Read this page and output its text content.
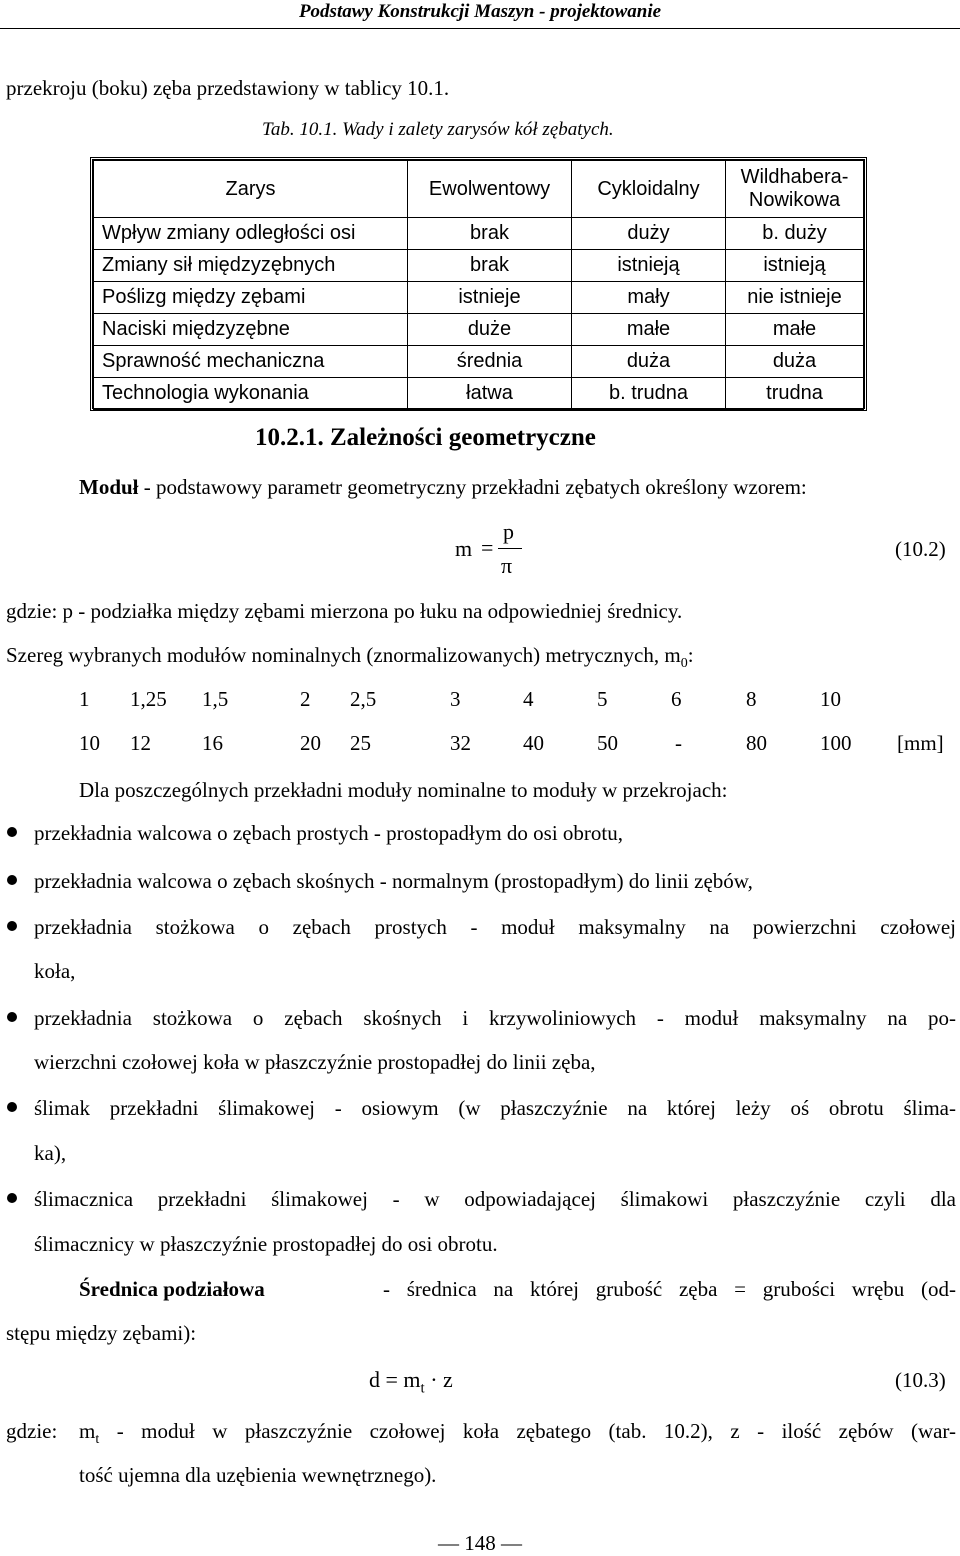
Podstawy Konstrukcji Maszyn - projektowanie
przekroju (boku) zęba przedstawiony w tablicy 10.1.
Tab. 10.1. Wady i zalety zarysów kół zębatych.
Zarys	Ewolwentowy	Cykloidalny	Wildhabera-
Nowikowa

Wpływ zmiany odległości osi	brak	duży	b. duży
Zmiany sił międzyzębnych	brak	istnieją	istnieją
Poślizg między zębami	istnieje	mały	nie istnieje
Naciski międzyzębne	duże	małe	małe
Sprawność mechaniczna	średnia	duża	duża
Technologia wykonania	łatwa	b. trudna	trudna
10.2.1. Zależności geometryczne
Moduł - podstawowy parametr geometryczny przekładni zębatych określony wzorem:
m =
p
π
(10.2)
gdzie: p - podziałka między zębami mierzona po łuku na odpowiedniej średnicy.
Szereg wybranych modułów nominalnych (znormalizowanych) metrycznych, $m_0$:
1 1,25 1,5	2 2,5	3	4	5	6	8	10
10 12 16	20 25	32 40	50	-	80	100 [mm]
Dla poszczególnych przekładni moduły nominalne to moduły w przekrojach:
przekładnia walcowa o zębach prostych - prostopadłym do osi obrotu,
przekładnia walcowa o zębach skośnych - normalnym (prostopadłym) do linii zębów,
przekładnia stożkowa o zębach prostych - moduł maksymalny na powierzchni czołowej
koła,
przekładnia stożkowa o zębach skośnych i krzywoliniowych - moduł maksymalny na po-
wierzchni czołowej koła w płaszczyźnie prostopadłej do linii zęba,
ślimak przekładni ślimakowej - osiowym (w płaszczyźnie na której leży oś obrotu ślima-
ka),
ślimacznica przekładni ślimakowej - w odpowiadającej ślimakowi płaszczyźnie czyli dla
ślimacznicy w płaszczyźnie prostopadłej do osi obrotu.
Średnica podziałowa	- średnica na której grubość zęba = grubości wrębu (od-
stępu między zębami):
$d = m_t \cdot z$	(10.3)
gdzie: $m_t$ - moduł w płaszczyźnie czołowej koła zębatego (tab. 10.2), z - ilość zębów (war-
tość ujemna dla uzębienia wewnętrznego).
— 148 —
